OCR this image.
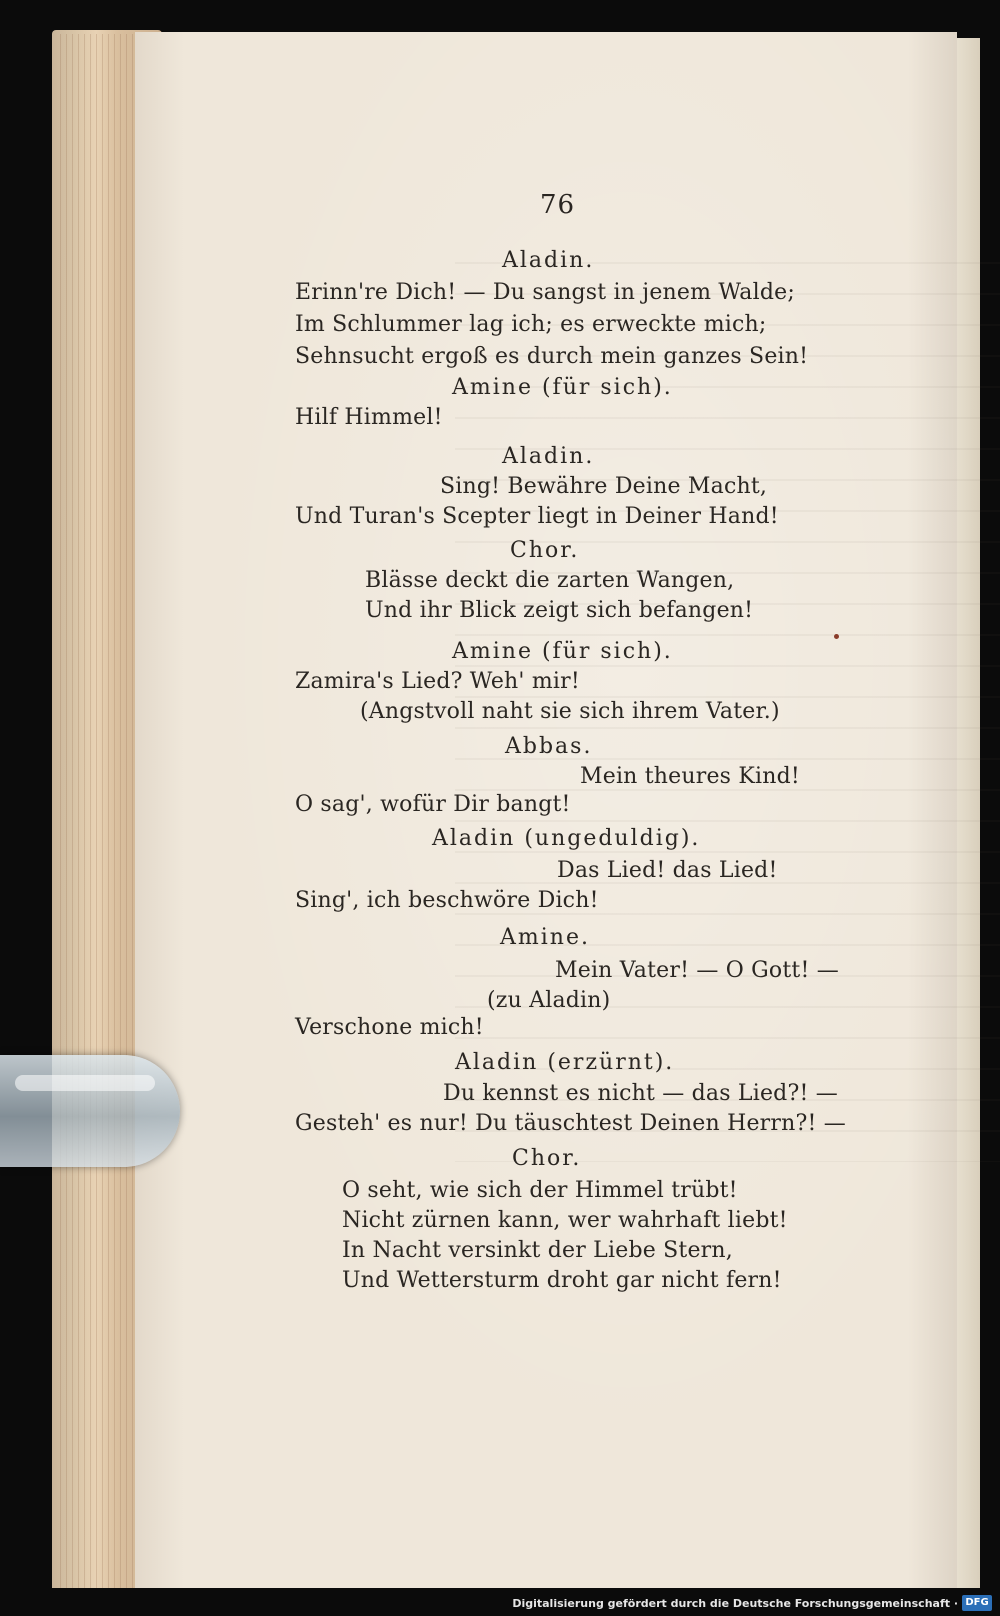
76
Aladin.
Erinn're Dich! — Du sangst in jenem Walde;
Im Schlummer lag ich; es erweckte mich;
Sehnsucht ergoß es durch mein ganzes Sein!
Amine (für sich).
Hilf Himmel!
Aladin.
Sing! Bewähre Deine Macht,
Und Turan's Scepter liegt in Deiner Hand!
Chor.
Blässe deckt die zarten Wangen,
Und ihr Blick zeigt sich befangen!
Amine (für sich).
Zamira's Lied? Weh' mir!
(Angstvoll naht sie sich ihrem Vater.)
Abbas.
Mein theures Kind!
O sag', wofür Dir bangt!
Aladin (ungeduldig).
Das Lied! das Lied!
Sing', ich beschwöre Dich!
Amine.
Mein Vater! — O Gott! —
(zu Aladin)
Verschone mich!
Aladin (erzürnt).
Du kennst es nicht — das Lied?! —
Gesteh' es nur! Du täuschtest Deinen Herrn?! —
Chor.
O seht, wie sich der Himmel trübt!
Nicht zürnen kann, wer wahrhaft liebt!
In Nacht versinkt der Liebe Stern,
Und Wettersturm droht gar nicht fern!
Digitalisierung gefördert durch die Deutsche Forschungsgemeinschaft · DFG
